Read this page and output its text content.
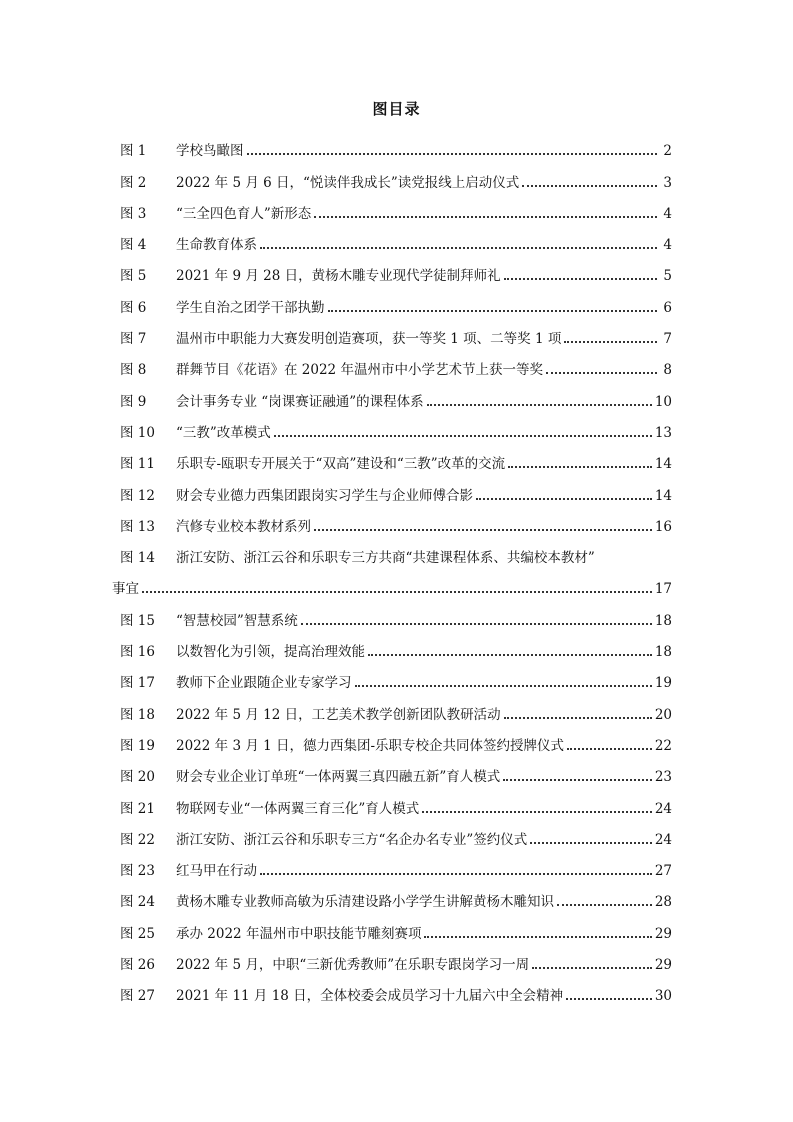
图目录
图 1 学校鸟瞰图	2
图 2 2022 年 5 月 6 日，“悦读伴我成长”读党报线上启动仪式	3
图 3 “三全四色育人”新形态	4
图 4 生命教育体系	4
图 5 2021 年 9 月 28 日，黄杨木雕专业现代学徒制拜师礼	5
图 6 学生自治之团学干部执勤	6
图 7 温州市中职能力大赛发明创造赛项，获一等奖 1 项、二等奖 1 项	7
图 8 群舞节目《花语》在 2022 年温州市中小学艺术节上获一等奖	8
图 9 会计事务专业 “岗课赛证融通”的课程体系	10
图 10 “三教”改革模式	13
图 11 乐职专-瓯职专开展关于“双高”建设和“三教”改革的交流	14
图 12 财会专业德力西集团跟岗实习学生与企业师傅合影	14
图 13 汽修专业校本教材系列	16
图 14 浙江安防、浙江云谷和乐职专三方共商“共建课程体系、共编校本教材”
事宜	17
图 15 “智慧校园”智慧系统	18
图 16 以数智化为引领，提高治理效能	18
图 17 教师下企业跟随企业专家学习	19
图 18 2022 年 5 月 12 日，工艺美术教学创新团队教研活动	20
图 19 2022 年 3 月 1 日，德力西集团-乐职专校企共同体签约授牌仪式	22
图 20 财会专业企业订单班“一体两翼三真四融五新”育人模式	23
图 21 物联网专业“一体两翼三育三化”育人模式	24
图 22 浙江安防、浙江云谷和乐职专三方“名企办名专业”签约仪式	24
图 23 红马甲在行动	27
图 24 黄杨木雕专业教师高敏为乐清建设路小学学生讲解黄杨木雕知识	28
图 25 承办 2022 年温州市中职技能节雕刻赛项	29
图 26 2022 年 5 月，中职“三新优秀教师”在乐职专跟岗学习一周	29
图 27 2021 年 11 月 18 日，全体校委会成员学习十九届六中全会精神	30
